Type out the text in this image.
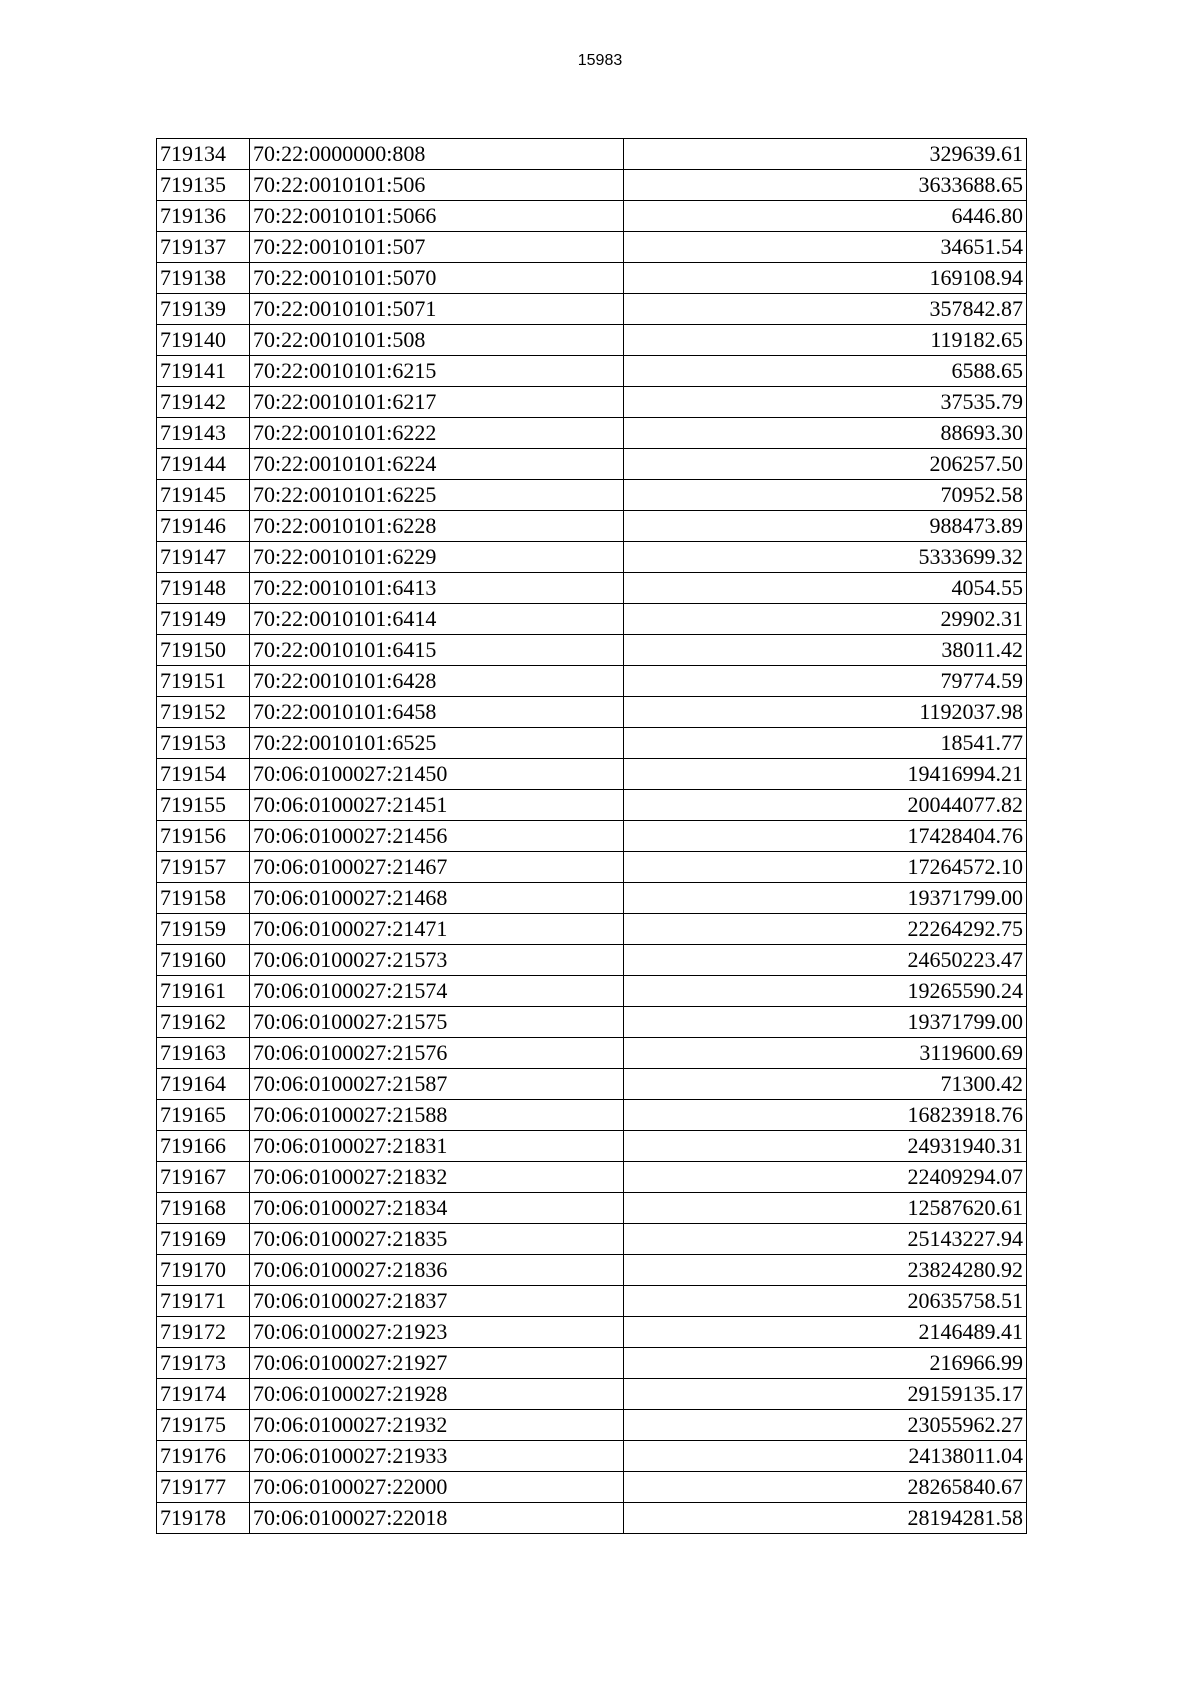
15983
719134	70:22:0000000:808	329639.61
719135	70:22:0010101:506	3633688.65
719136	70:22:0010101:5066	6446.80
719137	70:22:0010101:507	34651.54
719138	70:22:0010101:5070	169108.94
719139	70:22:0010101:5071	357842.87
719140	70:22:0010101:508	119182.65
719141	70:22:0010101:6215	6588.65
719142	70:22:0010101:6217	37535.79
719143	70:22:0010101:6222	88693.30
719144	70:22:0010101:6224	206257.50
719145	70:22:0010101:6225	70952.58
719146	70:22:0010101:6228	988473.89
719147	70:22:0010101:6229	5333699.32
719148	70:22:0010101:6413	4054.55
719149	70:22:0010101:6414	29902.31
719150	70:22:0010101:6415	38011.42
719151	70:22:0010101:6428	79774.59
719152	70:22:0010101:6458	1192037.98
719153	70:22:0010101:6525	18541.77
719154	70:06:0100027:21450	19416994.21
719155	70:06:0100027:21451	20044077.82
719156	70:06:0100027:21456	17428404.76
719157	70:06:0100027:21467	17264572.10
719158	70:06:0100027:21468	19371799.00
719159	70:06:0100027:21471	22264292.75
719160	70:06:0100027:21573	24650223.47
719161	70:06:0100027:21574	19265590.24
719162	70:06:0100027:21575	19371799.00
719163	70:06:0100027:21576	3119600.69
719164	70:06:0100027:21587	71300.42
719165	70:06:0100027:21588	16823918.76
719166	70:06:0100027:21831	24931940.31
719167	70:06:0100027:21832	22409294.07
719168	70:06:0100027:21834	12587620.61
719169	70:06:0100027:21835	25143227.94
719170	70:06:0100027:21836	23824280.92
719171	70:06:0100027:21837	20635758.51
719172	70:06:0100027:21923	2146489.41
719173	70:06:0100027:21927	216966.99
719174	70:06:0100027:21928	29159135.17
719175	70:06:0100027:21932	23055962.27
719176	70:06:0100027:21933	24138011.04
719177	70:06:0100027:22000	28265840.67
719178	70:06:0100027:22018	28194281.58
